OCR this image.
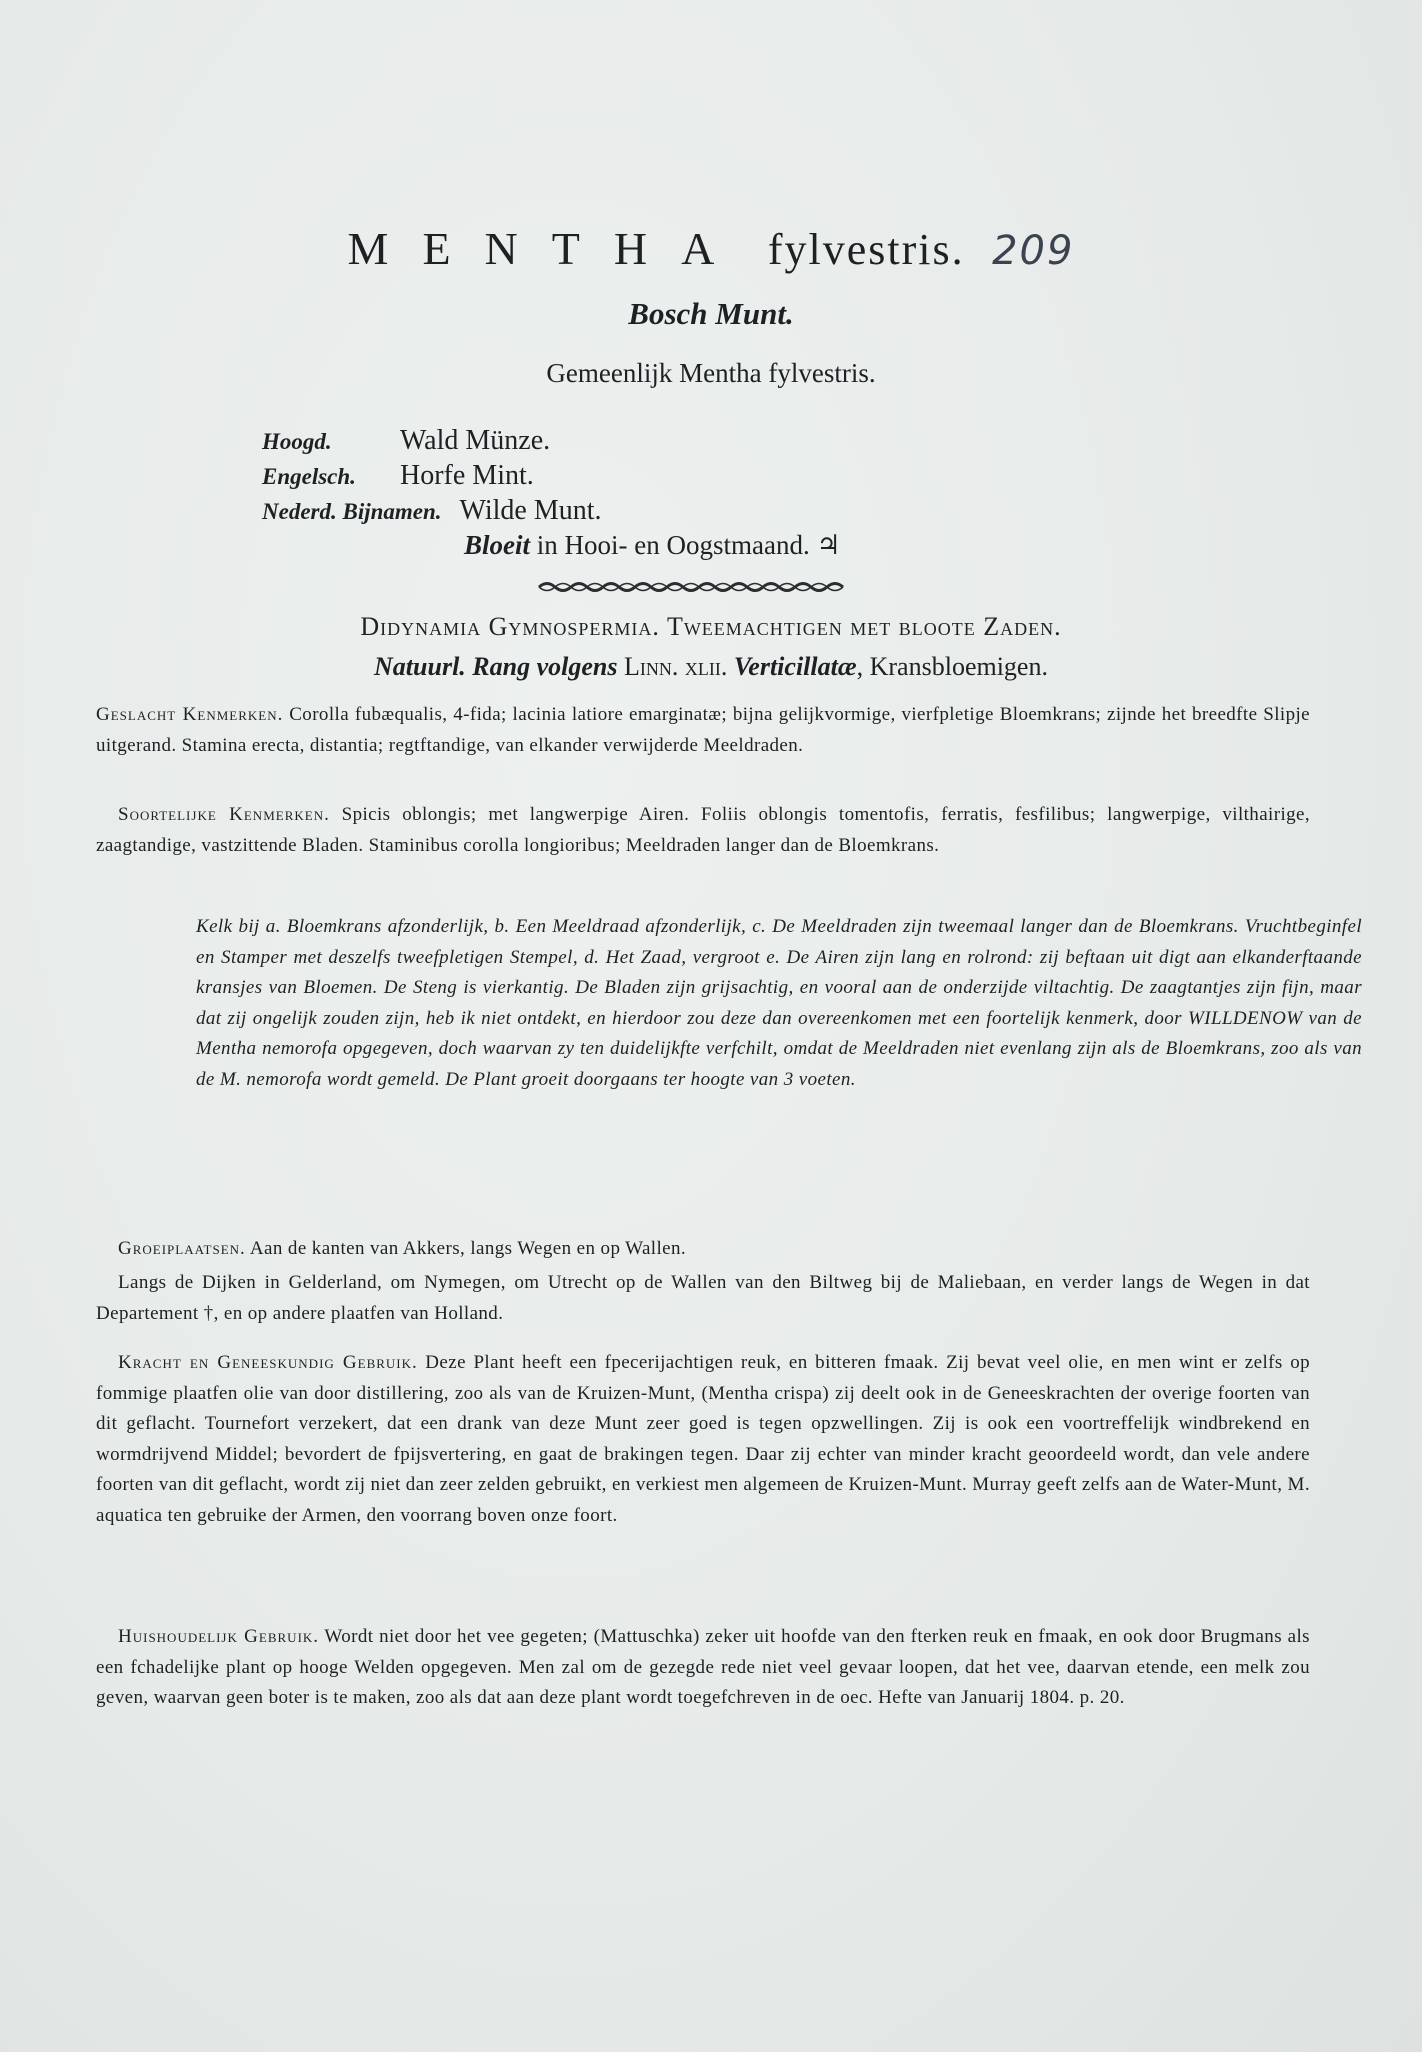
MENTHA fylvestris. 209
Bosch Munt.
Gemeenlijk Mentha fylvestris.
Hoogd. Wald Münze.
Engelsch. Horfe Mint.
Nederd. Bijnamen. Wilde Munt.
Bloeit in Hooi- en Oogstmaand. ♃
Didynamia Gymnospermia. Tweemachtigen met bloote Zaden.
Natuurl. Rang volgens Linn. xlii. Verticillatæ, Kransbloemigen.

Geslacht Kenmerken. Corolla fubæqualis, 4-fida; lacinia latiore emarginatæ; bijna gelijkvormige, vierfpletige Bloemkrans; zijnde het breedfte Slipje uitgerand. Stamina erecta, distantia; regtftandige, van elkander verwijderde Meeldraden.

Soortelijke Kenmerken. Spicis oblongis; met langwerpige Airen. Foliis oblongis tomentofis, ferratis, fesfilibus; langwerpige, vilthairige, zaagtandige, vastzittende Bladen. Staminibus corolla longioribus; Meeldraden langer dan de Bloemkrans.

Kelk bij a. Bloemkrans afzonderlijk, b. Een Meeldraad afzonderlijk, c. De Meeldraden zijn tweemaal langer dan de Bloemkrans. Vruchtbeginfel en Stamper met deszelfs tweefpletigen Stempel, d. Het Zaad, vergroot e. De Airen zijn lang en rolrond: zij beftaan uit digt aan elkanderftaande kransjes van Bloemen. De Steng is vierkantig. De Bladen zijn grijsachtig, en vooral aan de onderzijde viltachtig. De zaagtantjes zijn fijn, maar dat zij ongelijk zouden zijn, heb ik niet ontdekt, en hierdoor zou deze dan overeenkomen met een foortelijk kenmerk, door WILLDENOW van de Mentha nemorofa opgegeven, doch waarvan zy ten duidelijkfte verfchilt, omdat de Meeldraden niet evenlang zijn als de Bloemkrans, zoo als van de M. nemorofa wordt gemeld. De Plant groeit doorgaans ter hoogte van 3 voeten.

Groeiplaatsen. Aan de kanten van Akkers, langs Wegen en op Wallen.

Langs de Dijken in Gelderland, om Nymegen, om Utrecht op de Wallen van den Biltweg bij de Maliebaan, en verder langs de Wegen in dat Departement †, en op andere plaatfen van Holland.

Kracht en Geneeskundig Gebruik. Deze Plant heeft een fpecerijachtigen reuk, en bitteren fmaak. Zij bevat veel olie, en men wint er zelfs op fommige plaatfen olie van door distillering, zoo als van de Kruizen-Munt, (Mentha crispa) zij deelt ook in de Geneeskrachten der overige foorten van dit geflacht. Tournefort verzekert, dat een drank van deze Munt zeer goed is tegen opzwellingen. Zij is ook een voortreffelijk windbrekend en wormdrijvend Middel; bevordert de fpijsvertering, en gaat de brakingen tegen. Daar zij echter van minder kracht geoordeeld wordt, dan vele andere foorten van dit geflacht, wordt zij niet dan zeer zelden gebruikt, en verkiest men algemeen de Kruizen-Munt. Murray geeft zelfs aan de Water-Munt, M. aquatica ten gebruike der Armen, den voorrang boven onze foort.

Huishoudelijk Gebruik. Wordt niet door het vee gegeten; (Mattuschka) zeker uit hoofde van den fterken reuk en fmaak, en ook door Brugmans als een fchadelijke plant op hooge Welden opgegeven. Men zal om de gezegde rede niet veel gevaar loopen, dat het vee, daarvan etende, een melk zou geven, waarvan geen boter is te maken, zoo als dat aan deze plant wordt toegefchreven in de oec. Hefte van Januarij 1804. p. 20.
